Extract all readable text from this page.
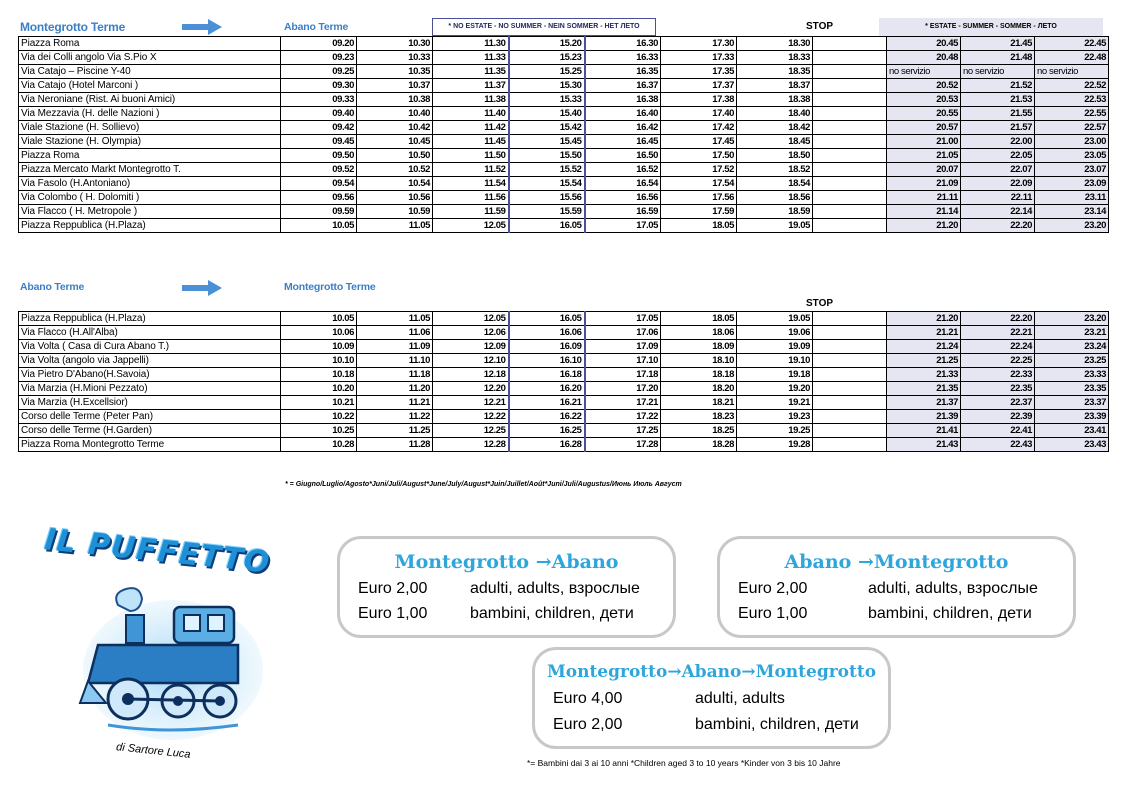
Montegrotto Terme	Abano Terme	* NO ESTATE - NO SUMMER - NEIN SOMMER - НЕТ ЛЕТО	STOP	* ESTATE - SUMMER - SOMMER - ЛЕТО
Piazza Roma	09.20	10.30	11.30	15.20	16.30	17.30	18.30		20.45	21.45	22.45
Via dei Colli angolo Via S.Pio X	09.23	10.33	11.33	15.23	16.33	17.33	18.33		20.48	21.48	22.48
Via Catajo – Piscine Y-40	09.25	10.35	11.35	15.25	16.35	17.35	18.35		no servizio	no servizio	no servizio
Via Catajo (Hotel Marconi )	09.30	10.37	11.37	15.30	16.37	17.37	18.37		20.52	21.52	22.52
Via Neroniane (Rist. Ai buoni Amici)	09.33	10.38	11.38	15.33	16.38	17.38	18.38		20.53	21.53	22.53
Via Mezzavia (H. delle Nazioni )	09.40	10.40	11.40	15.40	16.40	17.40	18.40		20.55	21.55	22.55
Viale Stazione (H. Sollievo)	09.42	10.42	11.42	15.42	16.42	17.42	18.42		20.57	21.57	22.57
Viale Stazione (H. Olympia)	09.45	10.45	11.45	15.45	16.45	17.45	18.45		21.00	22.00	23.00
Piazza Roma	09.50	10.50	11.50	15.50	16.50	17.50	18.50		21.05	22.05	23.05
Piazza Mercato Markt Montegrotto T.	09.52	10.52	11.52	15.52	16.52	17.52	18.52		20.07	22.07	23.07
Via Fasolo (H.Antoniano)	09.54	10.54	11.54	15.54	16.54	17.54	18.54		21.09	22.09	23.09
Via Colombo ( H. Dolomiti )	09.56	10.56	11.56	15.56	16.56	17.56	18.56		21.11	22.11	23.11
Via Flacco ( H. Metropole )	09.59	10.59	11.59	15.59	16.59	17.59	18.59		21.14	22.14	23.14
Piazza Reppublica (H.Plaza)	10.05	11.05	12.05	16.05	17.05	18.05	19.05		21.20	22.20	23.20
Abano Terme	Montegrotto Terme
STOP
Piazza Reppublica (H.Plaza)	10.05	11.05	12.05	16.05	17.05	18.05	19.05		21.20	22.20	23.20
Via Flacco (H.All'Alba)	10.06	11.06	12.06	16.06	17.06	18.06	19.06		21.21	22.21	23.21
Via Volta ( Casa di Cura Abano T.)	10.09	11.09	12.09	16.09	17.09	18.09	19.09		21.24	22.24	23.24
Via Volta (angolo via Jappelli)	10.10	11.10	12.10	16.10	17.10	18.10	19.10		21.25	22.25	23.25
Via Pietro D'Abano(H.Savoia)	10.18	11.18	12.18	16.18	17.18	18.18	19.18		21.33	22.33	23.33
Via Marzia (H.Mioni Pezzato)	10.20	11.20	12.20	16.20	17.20	18.20	19.20		21.35	22.35	23.35
Via Marzia (H.Excellsior)	10.21	11.21	12.21	16.21	17.21	18.21	19.21		21.37	22.37	23.37
Corso delle Terme (Peter Pan)	10.22	11.22	12.22	16.22	17.22	18.23	19.23		21.39	22.39	23.39
Corso delle Terme (H.Garden)	10.25	11.25	12.25	16.25	17.25	18.25	19.25		21.41	22.41	23.41
Piazza Roma Montegrotto Terme	10.28	11.28	12.28	16.28	17.28	18.28	19.28		21.43	22.43	23.43
* = Giugno/Luglio/Agosto*Juni/Juli/August*June/July/August*Juin/Juillet/Août*Juni/Juli/Augustus/Июнь Июль Август
IL PUFFETTO
di Sartore Luca
Montegrotto →Abano
Euro 2,00	adulti, adults, взрослые
Euro 1,00	bambini, children, дети
Abano →Montegrotto
Euro 2,00	adulti, adults, взрослые
Euro 1,00	bambini, children, дети
Montegrotto→Abano→Montegrotto
Euro 4,00	adulti, adults
Euro 2,00	bambini, children, дети
*= Bambini dai 3 ai 10 anni *Children aged 3 to 10 years *Kinder von 3 bis 10 Jahre
